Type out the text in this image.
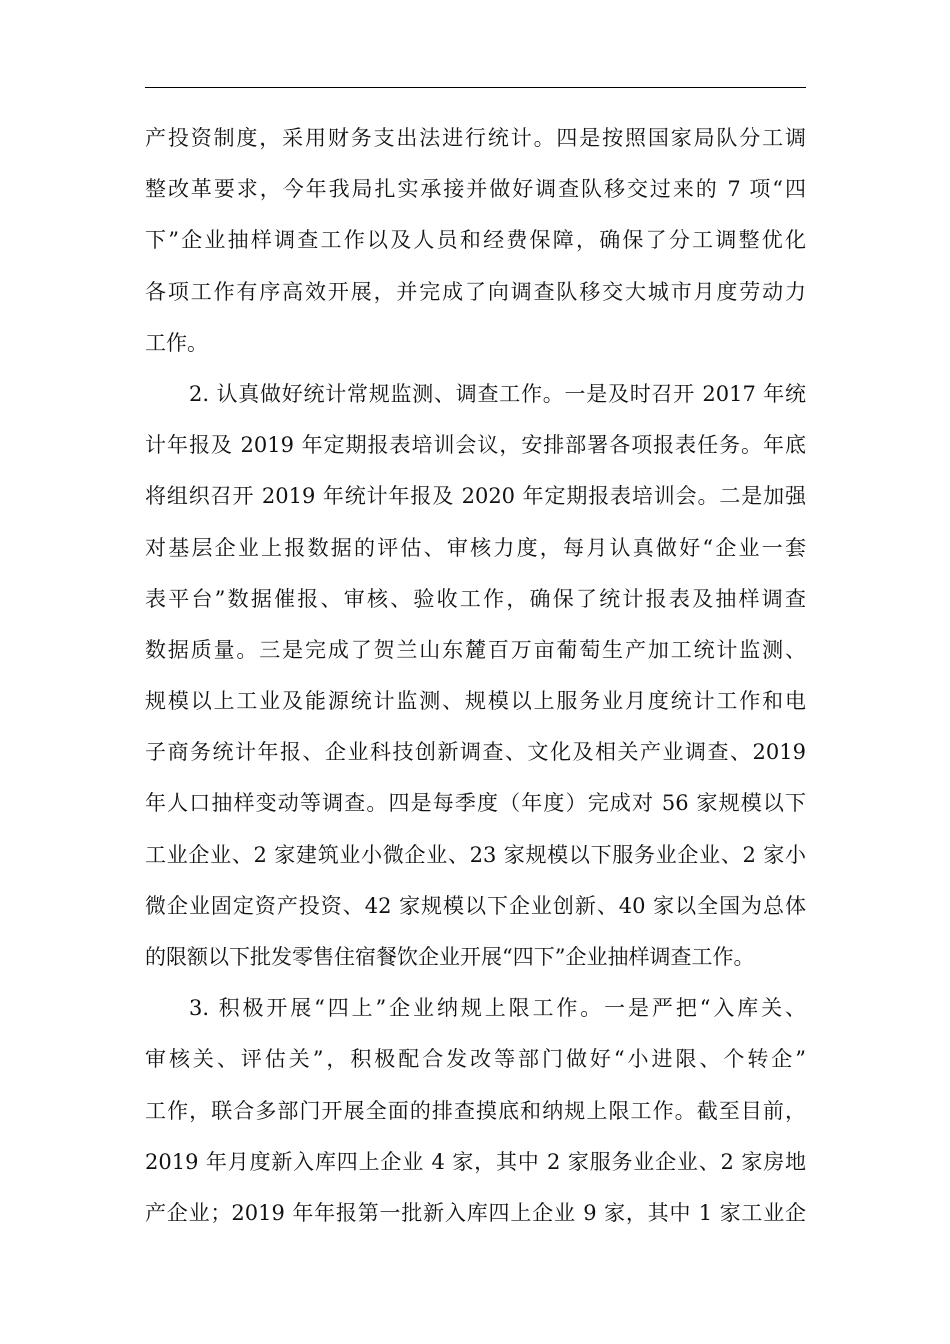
产投资制度，采用财务支出法进行统计。四是按照国家局队分工调
整改革要求，今年我局扎实承接并做好调查队移交过来的 7 项“四
下”企业抽样调查工作以及人员和经费保障，确保了分工调整优化
各项工作有序高效开展，并完成了向调查队移交大城市月度劳动力
工作。
2. 认真做好统计常规监测、调查工作。一是及时召开 2017 年统
计年报及 2019 年定期报表培训会议，安排部署各项报表任务。年底
将组织召开 2019 年统计年报及 2020 年定期报表培训会。二是加强
对基层企业上报数据的评估、审核力度，每月认真做好“企业一套
表平台”数据催报、审核、验收工作，确保了统计报表及抽样调查
数据质量。三是完成了贺兰山东麓百万亩葡萄生产加工统计监测、
规模以上工业及能源统计监测、规模以上服务业月度统计工作和电
子商务统计年报、企业科技创新调查、文化及相关产业调查、2019
年人口抽样变动等调查。四是每季度（年度）完成对 56 家规模以下
工业企业、2 家建筑业小微企业、23 家规模以下服务业企业、2 家小
微企业固定资产投资、42 家规模以下企业创新、40 家以全国为总体
的限额以下批发零售住宿餐饮企业开展“四下”企业抽样调查工作。
3. 积极开展“四上”企业纳规上限工作。一是严把“入库关、
审核关、评估关”，积极配合发改等部门做好“小进限、个转企”
工作，联合多部门开展全面的排查摸底和纳规上限工作。截至目前，
2019 年月度新入库四上企业 4 家，其中 2 家服务业企业、2 家房地
产企业；2019 年年报第一批新入库四上企业 9 家，其中 1 家工业企
